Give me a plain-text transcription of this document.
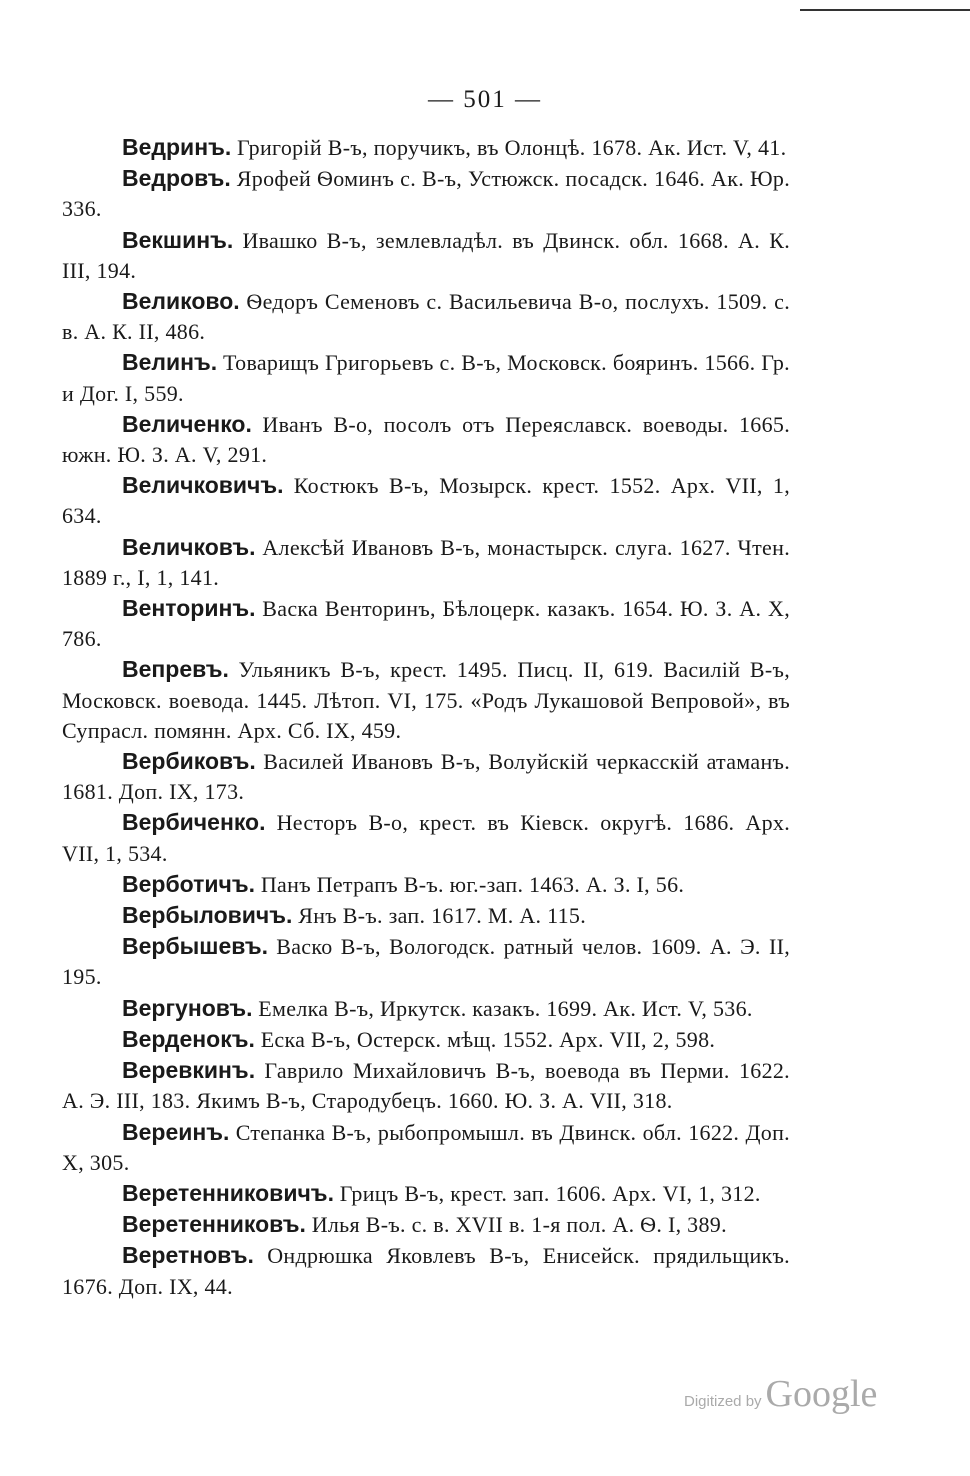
— 501 —
Ведринъ. Григорій В-ъ, поручикъ, въ Олонцѣ. 1678. Ак. Ист. V, 41.
Ведровъ. Ярофей Ѳоминъ с. В-ъ, Устюжск. посадск. 1646. Ак. Юр. 336.
Векшинъ. Ивашко В-ъ, землевладѣл. въ Двинск. обл. 1668. А. К. III, 194.
Великово. Ѳедоръ Семеновъ с. Васильевича В-о, послухъ. 1509. с. в. А. К. II, 486.
Велинъ. Товарищъ Григорьевъ с. В-ъ, Московск. бояринъ. 1566. Гр. и Дог. I, 559.
Величенко. Иванъ В-о, посолъ отъ Переяславск. воеводы. 1665. южн. Ю. З. А. V, 291.
Величковичъ. Костюкъ В-ъ, Мозырск. крест. 1552. Арх. VII, 1, 634.
Величковъ. Алексѣй Ивановъ В-ъ, монастырск. слуга. 1627. Чтен. 1889 г., I, 1, 141.
Венторинъ. Васка Венторинъ, Бѣлоцерк. казакъ. 1654. Ю. З. А. X, 786.
Вепревъ. Ульяникъ В-ъ, крест. 1495. Писц. II, 619. Василій В-ъ, Московск. воевода. 1445. Лѣтоп. VI, 175. «Родъ Лукашовой Вепровой», въ Супрасл. помянн. Арх. Сб. IX, 459.
Вербиковъ. Василей Ивановъ В-ъ, Волуйскій черкасскій атаманъ. 1681. Доп. IX, 173.
Вербиченко. Несторъ В-о, крест. въ Кіевск. округѣ. 1686. Арх. VII, 1, 534.
Верботичъ. Панъ Петрапъ В-ъ. юг.-зап. 1463. А. З. I, 56.
Вербыловичъ. Янъ В-ъ. зап. 1617. М. А. 115.
Вербышевъ. Васко В-ъ, Вологодск. ратный челов. 1609. А. Э. II, 195.
Вергуновъ. Емелка В-ъ, Иркутск. казакъ. 1699. Ак. Ист. V, 536.
Верденокъ. Еска В-ъ, Остерск. мѣщ. 1552. Арх. VII, 2, 598.
Веревкинъ. Гаврило Михайловичъ В-ъ, воевода въ Перми. 1622. А. Э. III, 183. Якимъ В-ъ, Стародубецъ. 1660. Ю. З. А. VII, 318.
Вереинъ. Степанка В-ъ, рыбопромышл. въ Двинск. обл. 1622. Доп. X, 305.
Веретенниковичъ. Грицъ В-ъ, крест. зап. 1606. Арх. VI, 1, 312.
Веретенниковъ. Илья В-ъ. с. в. XVII в. 1-я пол. А. Ѳ. I, 389.
Веретновъ. Ондрюшка Яковлевъ В-ъ, Енисейск. прядильщикъ. 1676. Доп. IX, 44.
Digitized by Google
